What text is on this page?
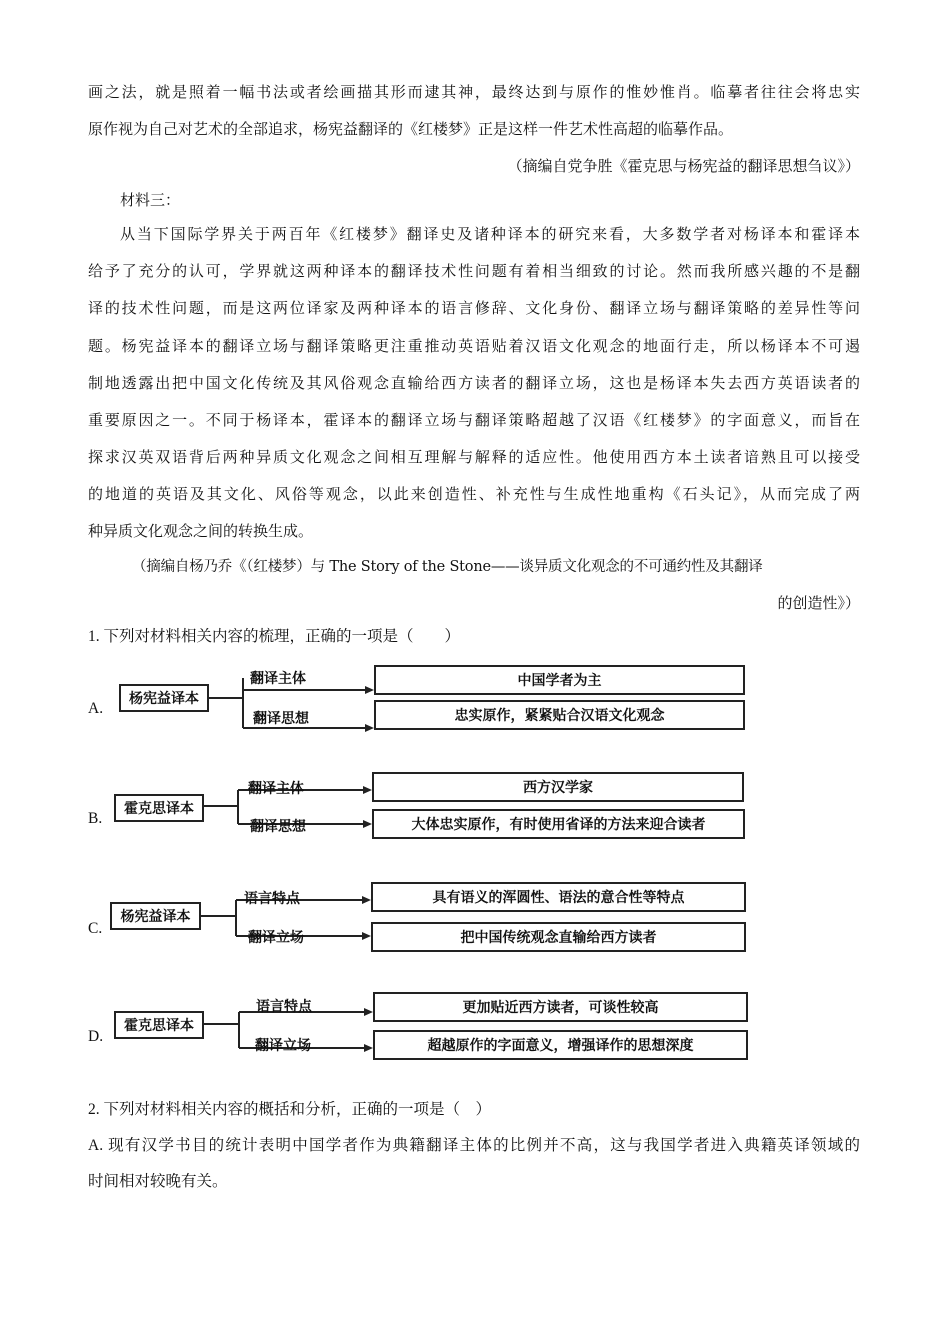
画之法，就是照着一幅书法或者绘画描其形而逮其神，最终达到与原作的惟妙惟肖。临摹者往往会将忠实
原作视为自己对艺术的全部追求，杨宪益翻译的《红楼梦》正是这样一件艺术性高超的临摹作品。
（摘编自党争胜《霍克思与杨宪益的翻译思想刍议》）
材料三：
从当下国际学界关于两百年《红楼梦》翻译史及诸种译本的研究来看，大多数学者对杨译本和霍译本
给予了充分的认可，学界就这两种译本的翻译技术性问题有着相当细致的讨论。然而我所感兴趣的不是翻
译的技术性问题，而是这两位译家及两种译本的语言修辞、文化身份、翻译立场与翻译策略的差异性等问
题。杨宪益译本的翻译立场与翻译策略更注重推动英语贴着汉语文化观念的地面行走，所以杨译本不可遏
制地透露出把中国文化传统及其风俗观念直输给西方读者的翻译立场，这也是杨译本失去西方英语读者的
重要原因之一。不同于杨译本，霍译本的翻译立场与翻译策略超越了汉语《红楼梦》的字面意义，而旨在
探求汉英双语背后两种异质文化观念之间相互理解与解释的适应性。他使用西方本土读者谙熟且可以接受
的地道的英语及其文化、风俗等观念，以此来创造性、补充性与生成性地重构《石头记》，从而完成了两
种异质文化观念之间的转换生成。
（摘编自杨乃乔《（红楼梦）与 The Story of the Stone——谈异质文化观念的不可通约性及其翻译
的创造性》）
1. 下列对材料相关内容的梳理，正确的一项是（　　）
A.
杨宪益译本
翻译主体
翻译思想
中国学者为主
忠实原作，紧紧贴合汉语文化观念
B.
霍克思译本
翻译主体
翻译思想
西方汉学家
大体忠实原作，有时使用省译的方法来迎合读者
C.
杨宪益译本
语言特点
翻译立场
具有语义的浑圆性、语法的意合性等特点
把中国传统观念直输给西方读者
D.
霍克思译本
语言特点
翻译立场
更加贴近西方读者，可谈性较高
超越原作的字面意义，增强译作的思想深度
2. 下列对材料相关内容的概括和分析，正确的一项是（　）
A. 现有汉学书目的统计表明中国学者作为典籍翻译主体的比例并不高，这与我国学者进入典籍英译领域的
时间相对较晚有关。
